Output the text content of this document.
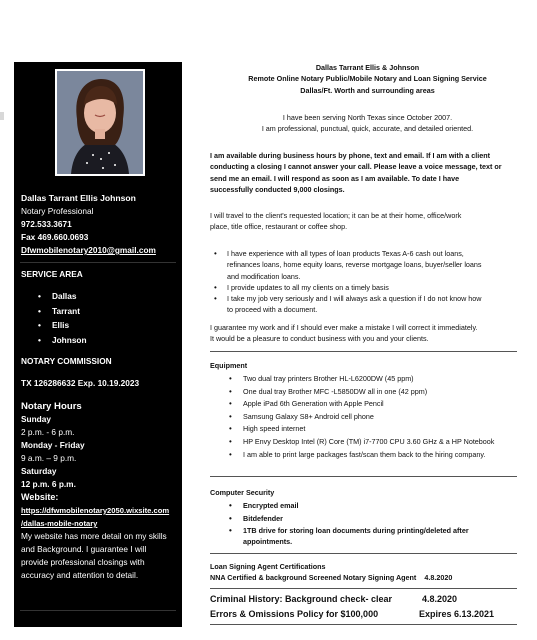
Dallas Tarrant Ellis Johnson
Notary Professional
972.533.3671
Fax 469.660.0693
Dfwmobilenotary2010@gmail.com
SERVICE AREA
• Dallas
• Tarrant
• Ellis
• Johnson
NOTARY COMMISSION
TX 126286632 Exp. 10.19.2023
Notary Hours
Sunday
2 p.m. - 6 p.m.
Monday - Friday
9 a.m. – 9 p.m.
Saturday
12 p.m. 6 p.m.
Website:
https://dfwmobilenotary2050.wixsite.com
/dallas-mobile-notary
My website has more detail on my skills
and Background. I guarantee I will
provide professional closings with
accuracy and attention to detail.
Dallas Tarrant Ellis & Johnson
Remote Online Notary Public/Mobile Notary and Loan Signing Service
Dallas/Ft. Worth and surrounding areas
I have been serving North Texas since October 2007.
I am professional, punctual, quick, accurate, and detailed oriented.
I am available during business hours by phone, text and email. If I am with a client
conducting a closing I cannot answer your call. Please leave a voice message, text or
send me an email. I will respond as soon as I am available. To date I have
successfully conducted 9,000 closings.
I will travel to the client's requested location; it can be at their home, office/work
place, title office, restaurant or coffee shop.
• I have experience with all types of loan products Texas A-6 cash out loans,
refinances loans, home equity loans, reverse mortgage loans, buyer/seller loans
and modification loans.
• I provide updates to all my clients on a timely basis
• I take my job very seriously and I will always ask a question if I do not know how
to proceed with a document.
I guarantee my work and if I should ever make a mistake I will correct it immediately.
It would be a pleasure to conduct business with you and your clients.
Equipment
• Two dual tray printers Brother HL-L6200DW (45 ppm)
• One dual tray Brother MFC -L5850DW all in one (42 ppm)
• Apple iPad 6th Generation with Apple Pencil
• Samsung Galaxy S8+ Android cell phone
• High speed internet
• HP Envy Desktop Intel (R) Core (TM) i7-7700 CPU 3.60 GHz & a HP Notebook
• I am able to print large packages fast/scan them back to the hiring company.
Computer Security
• Encrypted email
• Bitdefender
• 1TB drive for storing loan documents during printing/deleted after
appointments.
Loan Signing Agent Certifications
NNA Certified & background Screened Notary Signing Agent 4.8.2020
Criminal History: Background check- clear	4.8.2020
Errors & Omissions Policy for $100,000	Expires 6.13.2021
